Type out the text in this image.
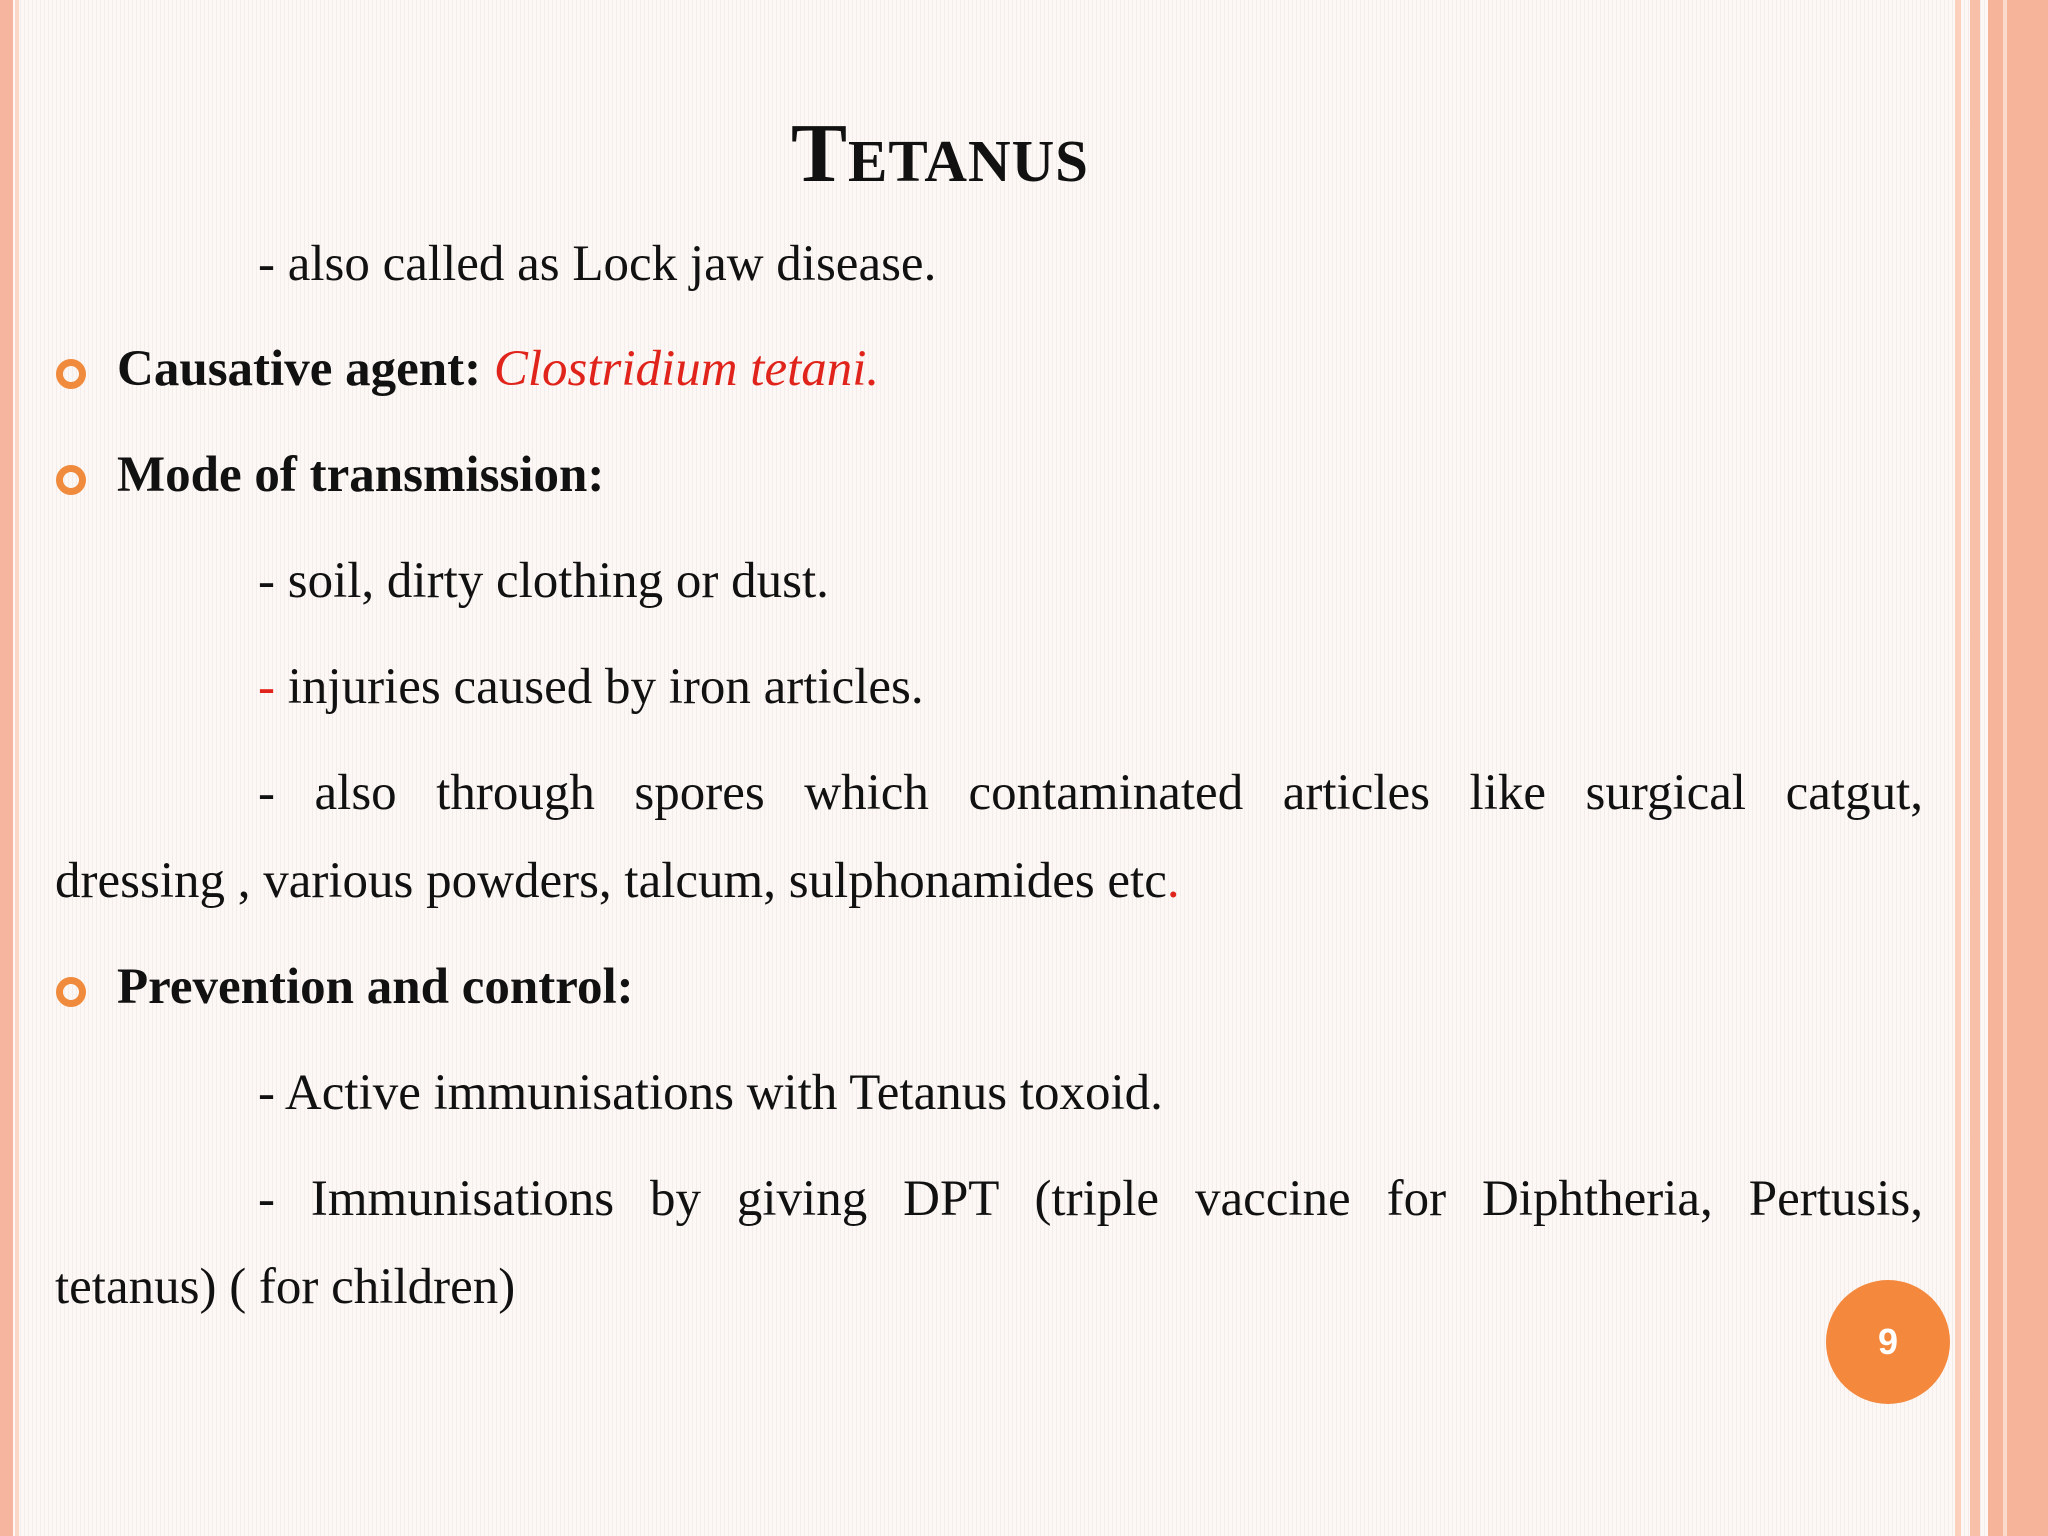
Tetanus
- also called as Lock jaw disease.
Causative agent: Clostridium tetani.
Mode of transmission:
- soil, dirty clothing or dust.
- injuries caused by iron articles.
- also through spores which contaminated articles like surgical catgut,
dressing , various powders, talcum, sulphonamides etc.
Prevention and control:
- Active immunisations with Tetanus toxoid.
- Immunisations by giving DPT (triple vaccine for Diphtheria, Pertusis,
tetanus) ( for children)
9
